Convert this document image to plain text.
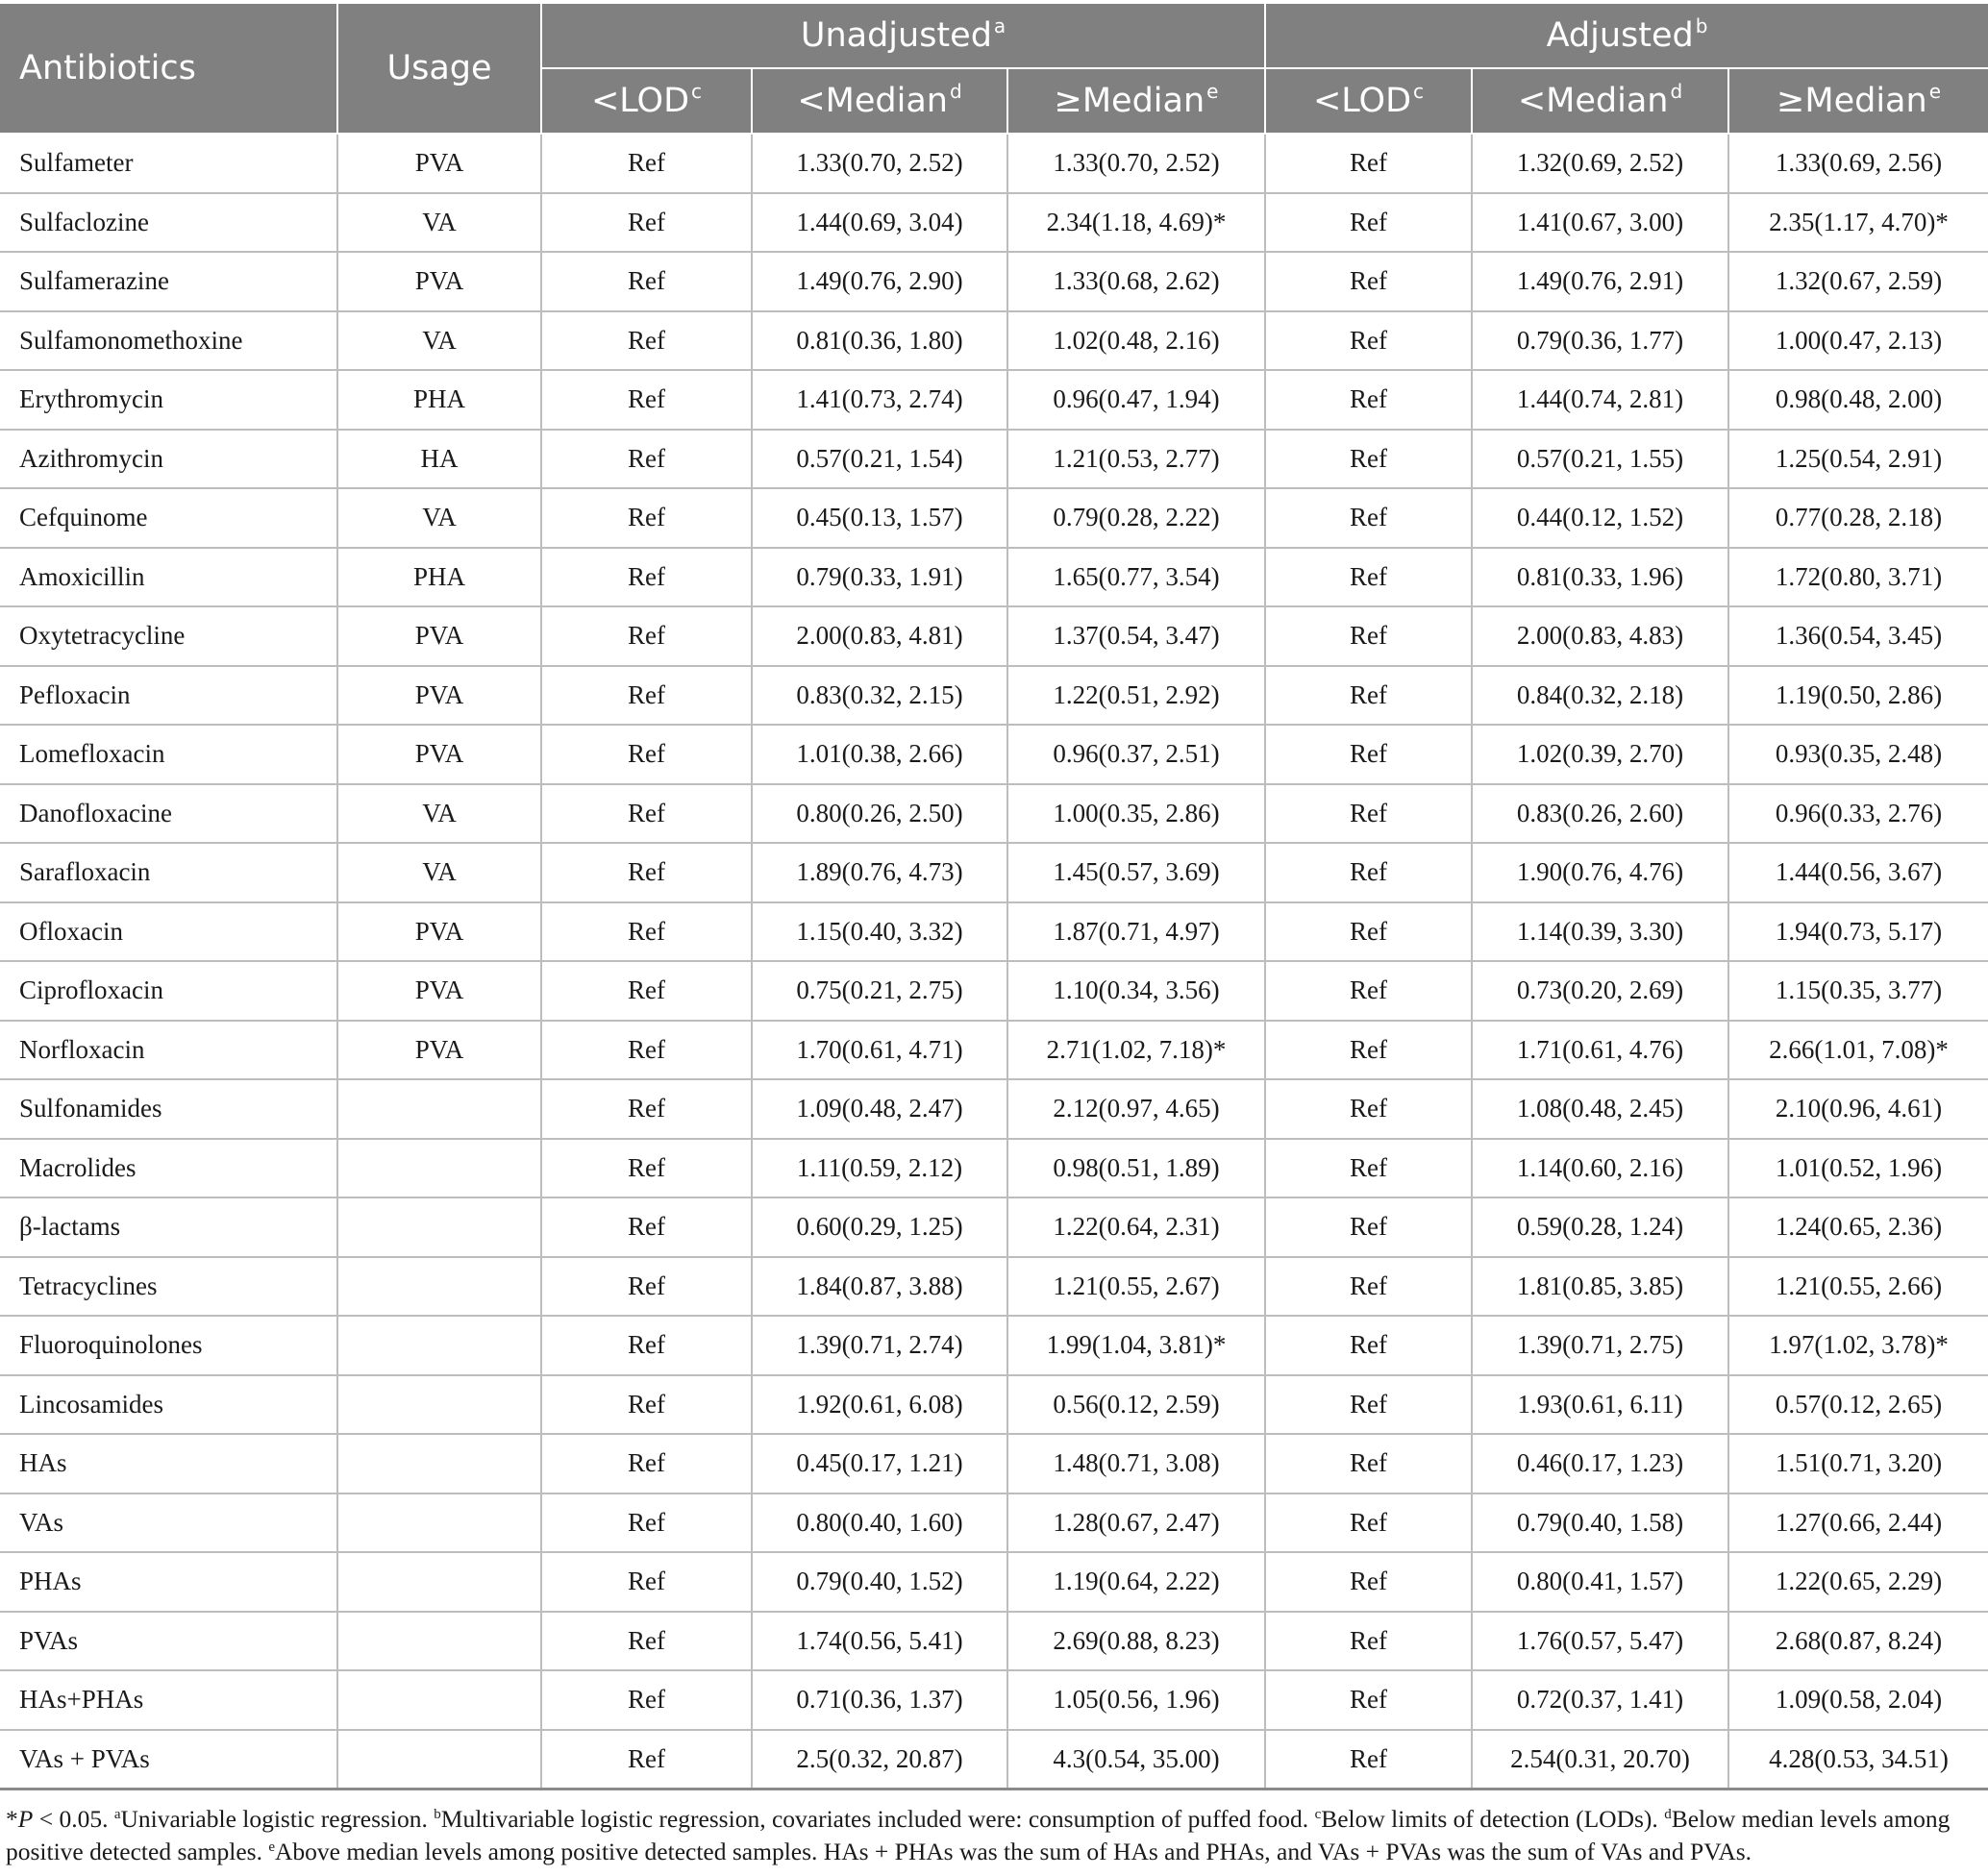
Antibiotics	Usage	Unadjusted $^a$			Adjusted $^b$
		<LOD $^c$	<Median $^d$	≥Median $^e$	<LOD $^c$	<Median $^d$	≥Median $^e$
Sulfameter	PVA	Ref	1.33(0.70, 2.52)	1.33(0.70, 2.52)	Ref	1.32(0.69, 2.52)	1.33(0.69, 2.56)
Sulfaclozine	VA	Ref	1.44(0.69, 3.04)	2.34(1.18, 4.69)*	Ref	1.41(0.67, 3.00)	2.35(1.17, 4.70)*
Sulfamerazine	PVA	Ref	1.49(0.76, 2.90)	1.33(0.68, 2.62)	Ref	1.49(0.76, 2.91)	1.32(0.67, 2.59)
Sulfamonomethoxine	VA	Ref	0.81(0.36, 1.80)	1.02(0.48, 2.16)	Ref	0.79(0.36, 1.77)	1.00(0.47, 2.13)
Erythromycin	PHA	Ref	1.41(0.73, 2.74)	0.96(0.47, 1.94)	Ref	1.44(0.74, 2.81)	0.98(0.48, 2.00)
Azithromycin	HA	Ref	0.57(0.21, 1.54)	1.21(0.53, 2.77)	Ref	0.57(0.21, 1.55)	1.25(0.54, 2.91)
Cefquinome	VA	Ref	0.45(0.13, 1.57)	0.79(0.28, 2.22)	Ref	0.44(0.12, 1.52)	0.77(0.28, 2.18)
Amoxicillin	PHA	Ref	0.79(0.33, 1.91)	1.65(0.77, 3.54)	Ref	0.81(0.33, 1.96)	1.72(0.80, 3.71)
Oxytetracycline	PVA	Ref	2.00(0.83, 4.81)	1.37(0.54, 3.47)	Ref	2.00(0.83, 4.83)	1.36(0.54, 3.45)
Pefloxacin	PVA	Ref	0.83(0.32, 2.15)	1.22(0.51, 2.92)	Ref	0.84(0.32, 2.18)	1.19(0.50, 2.86)
Lomefloxacin	PVA	Ref	1.01(0.38, 2.66)	0.96(0.37, 2.51)	Ref	1.02(0.39, 2.70)	0.93(0.35, 2.48)
Danofloxacine	VA	Ref	0.80(0.26, 2.50)	1.00(0.35, 2.86)	Ref	0.83(0.26, 2.60)	0.96(0.33, 2.76)
Sarafloxacin	VA	Ref	1.89(0.76, 4.73)	1.45(0.57, 3.69)	Ref	1.90(0.76, 4.76)	1.44(0.56, 3.67)
Ofloxacin	PVA	Ref	1.15(0.40, 3.32)	1.87(0.71, 4.97)	Ref	1.14(0.39, 3.30)	1.94(0.73, 5.17)
Ciprofloxacin	PVA	Ref	0.75(0.21, 2.75)	1.10(0.34, 3.56)	Ref	0.73(0.20, 2.69)	1.15(0.35, 3.77)
Norfloxacin	PVA	Ref	1.70(0.61, 4.71)	2.71(1.02, 7.18)*	Ref	1.71(0.61, 4.76)	2.66(1.01, 7.08)*
Sulfonamides		Ref	1.09(0.48, 2.47)	2.12(0.97, 4.65)	Ref	1.08(0.48, 2.45)	2.10(0.96, 4.61)
Macrolides		Ref	1.11(0.59, 2.12)	0.98(0.51, 1.89)	Ref	1.14(0.60, 2.16)	1.01(0.52, 1.96)
β-lactams		Ref	0.60(0.29, 1.25)	1.22(0.64, 2.31)	Ref	0.59(0.28, 1.24)	1.24(0.65, 2.36)
Tetracyclines		Ref	1.84(0.87, 3.88)	1.21(0.55, 2.67)	Ref	1.81(0.85, 3.85)	1.21(0.55, 2.66)
Fluoroquinolones		Ref	1.39(0.71, 2.74)	1.99(1.04, 3.81)*	Ref	1.39(0.71, 2.75)	1.97(1.02, 3.78)*
Lincosamides		Ref	1.92(0.61, 6.08)	0.56(0.12, 2.59)	Ref	1.93(0.61, 6.11)	0.57(0.12, 2.65)
HAs		Ref	0.45(0.17, 1.21)	1.48(0.71, 3.08)	Ref	0.46(0.17, 1.23)	1.51(0.71, 3.20)
VAs		Ref	0.80(0.40, 1.60)	1.28(0.67, 2.47)	Ref	0.79(0.40, 1.58)	1.27(0.66, 2.44)
PHAs		Ref	0.79(0.40, 1.52)	1.19(0.64, 2.22)	Ref	0.80(0.41, 1.57)	1.22(0.65, 2.29)
PVAs		Ref	1.74(0.56, 5.41)	2.69(0.88, 8.23)	Ref	1.76(0.57, 5.47)	2.68(0.87, 8.24)
HAs+PHAs		Ref	0.71(0.36, 1.37)	1.05(0.56, 1.96)	Ref	0.72(0.37, 1.41)	1.09(0.58, 2.04)
VAs + PVAs		Ref	2.5(0.32, 20.87)	4.3(0.54, 35.00)	Ref	2.54(0.31, 20.70)	4.28(0.53, 34.51)
*P < 0.05. $^a$Univariable logistic regression. $^b$Multivariable logistic regression, covariates included were: consumption of puffed food. $^c$Below limits of detection (LODs). $^d$Below median levels among positive detected samples. $^e$Above median levels among positive detected samples. HAs + PHAs was the sum of HAs and PHAs, and VAs + PVAs was the sum of VAs and PVAs.
